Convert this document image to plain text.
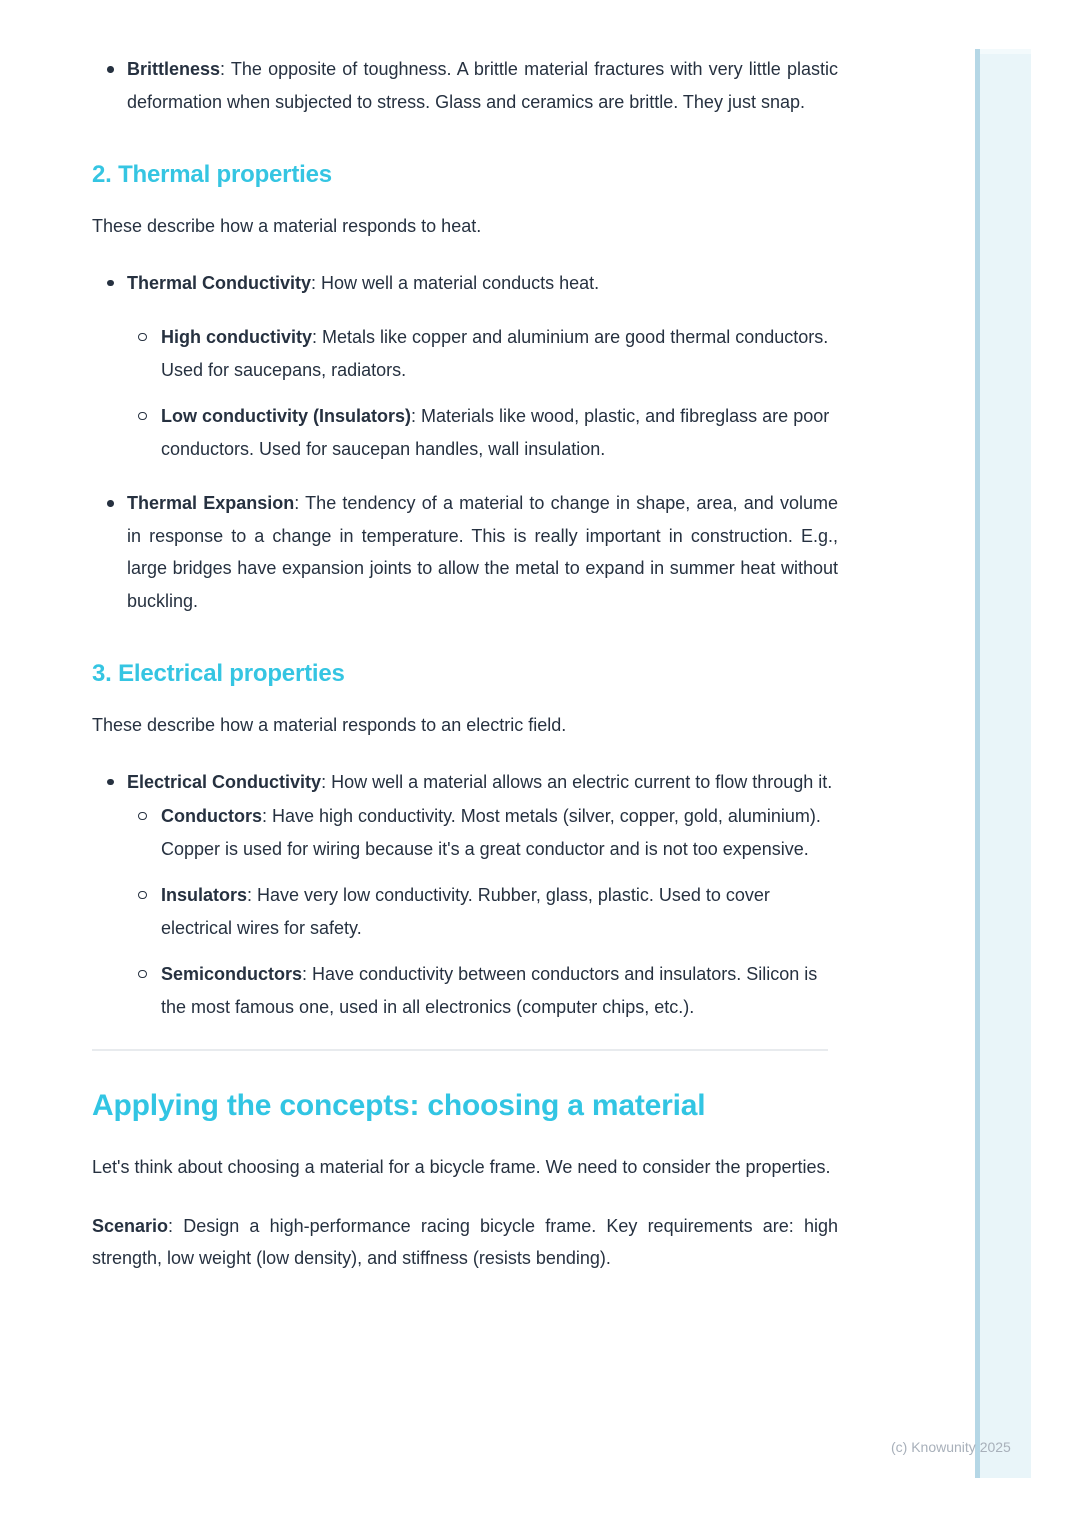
Brittleness: The opposite of toughness. A brittle material fractures with very little plastic deformation when subjected to stress. Glass and ceramics are brittle. They just snap.
2. Thermal properties

These describe how a material responds to heat.

Thermal Conductivity: How well a material conducts heat.
High conductivity: Metals like copper and aluminium are good thermal conductors. Used for saucepans, radiators.
Low conductivity (Insulators): Materials like wood, plastic, and fibreglass are poor conductors. Used for saucepan handles, wall insulation.
Thermal Expansion: The tendency of a material to change in shape, area, and volume in response to a change in temperature. This is really important in construction. E.g., large bridges have expansion joints to allow the metal to expand in summer heat without buckling.
3. Electrical properties

These describe how a material responds to an electric field.

Electrical Conductivity: How well a material allows an electric current to flow through it.
Conductors: Have high conductivity. Most metals (silver, copper, gold, aluminium). Copper is used for wiring because it's a great conductor and is not too expensive.
Insulators: Have very low conductivity. Rubber, glass, plastic. Used to cover electrical wires for safety.
Semiconductors: Have conductivity between conductors and insulators. Silicon is the most famous one, used in all electronics (computer chips, etc.).
Applying the concepts: choosing a material

Let's think about choosing a material for a bicycle frame. We need to consider the properties.

Scenario: Design a high-performance racing bicycle frame. Key requirements are: high strength, low weight (low density), and stiffness (resists bending).

(c) Knowunity 2025
